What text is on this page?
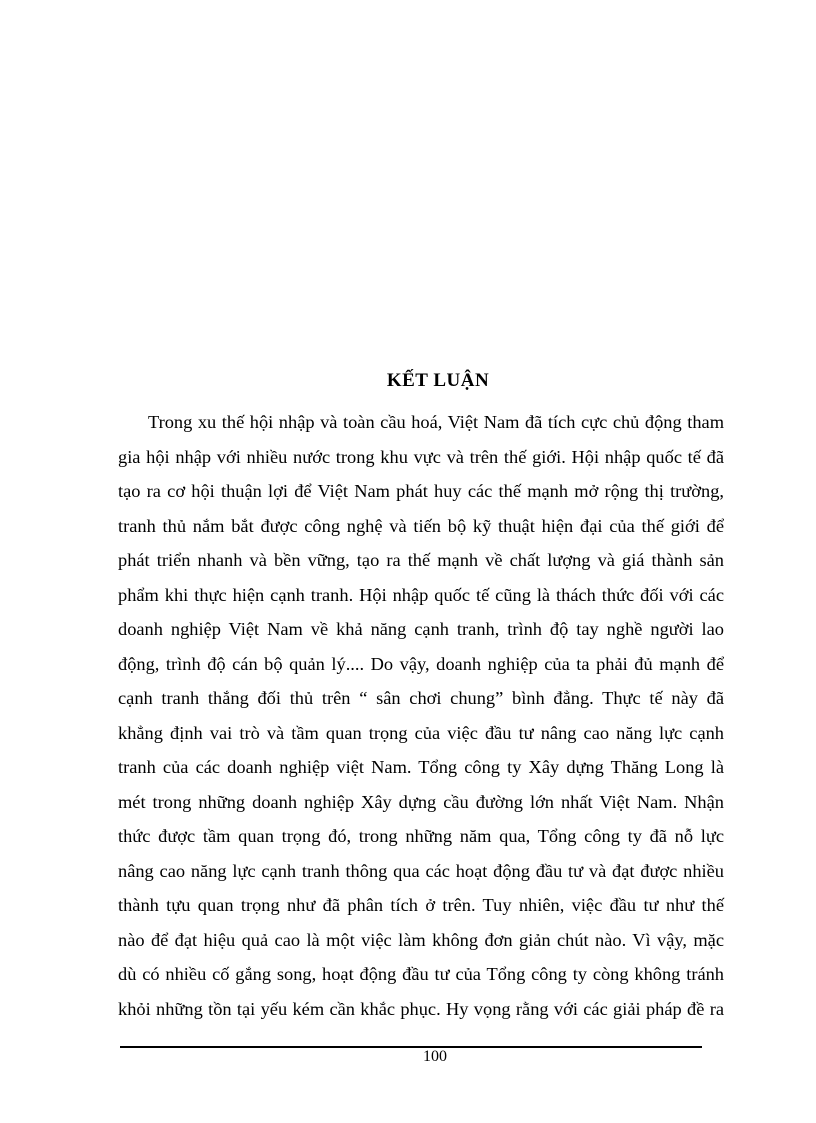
KẾT LUẬN
Trong xu thế hội nhập và toàn cầu hoá, Việt Nam đã tích cực chủ động tham
gia hội nhập với nhiều nước trong khu vực và trên thế giới. Hội nhập quốc tế đã
tạo ra cơ hội thuận lợi để Việt Nam phát huy các thế mạnh mở rộng thị trường,
tranh thủ nắm bắt được công nghệ và tiến bộ kỹ thuật hiện đại của thế giới để
phát triển nhanh và bền vững, tạo ra thế mạnh về chất lượng và giá thành sản
phẩm khi thực hiện cạnh tranh. Hội nhập quốc tế cũng là thách thức đối với các
doanh nghiệp Việt Nam về khả năng cạnh tranh, trình độ tay nghề người lao
động, trình độ cán bộ quản lý.... Do vậy, doanh nghiệp của ta phải đủ mạnh để
cạnh tranh thắng đối thủ trên “ sân chơi chung” bình đẳng. Thực tế này đã
khẳng định vai trò và tầm quan trọng của việc đầu tư nâng cao năng lực cạnh
tranh của các doanh nghiệp việt Nam. Tổng công ty Xây dựng Thăng Long là
mét trong những doanh nghiệp Xây dựng cầu đường lớn nhất Việt Nam. Nhận
thức được tầm quan trọng đó, trong những năm qua, Tổng công ty đã nỗ lực
nâng cao năng lực cạnh tranh thông qua các hoạt động đầu tư và đạt được nhiều
thành tựu quan trọng như đã phân tích ở trên. Tuy nhiên, việc đầu tư như thế
nào để đạt hiệu quả cao là một việc làm không đơn giản chút nào. Vì vậy, mặc
dù có nhiều cố gắng song, hoạt động đầu tư của Tổng công ty còng không tránh
khỏi những tồn tại yếu kém cần khắc phục. Hy vọng rằng với các giải pháp đề ra
100
